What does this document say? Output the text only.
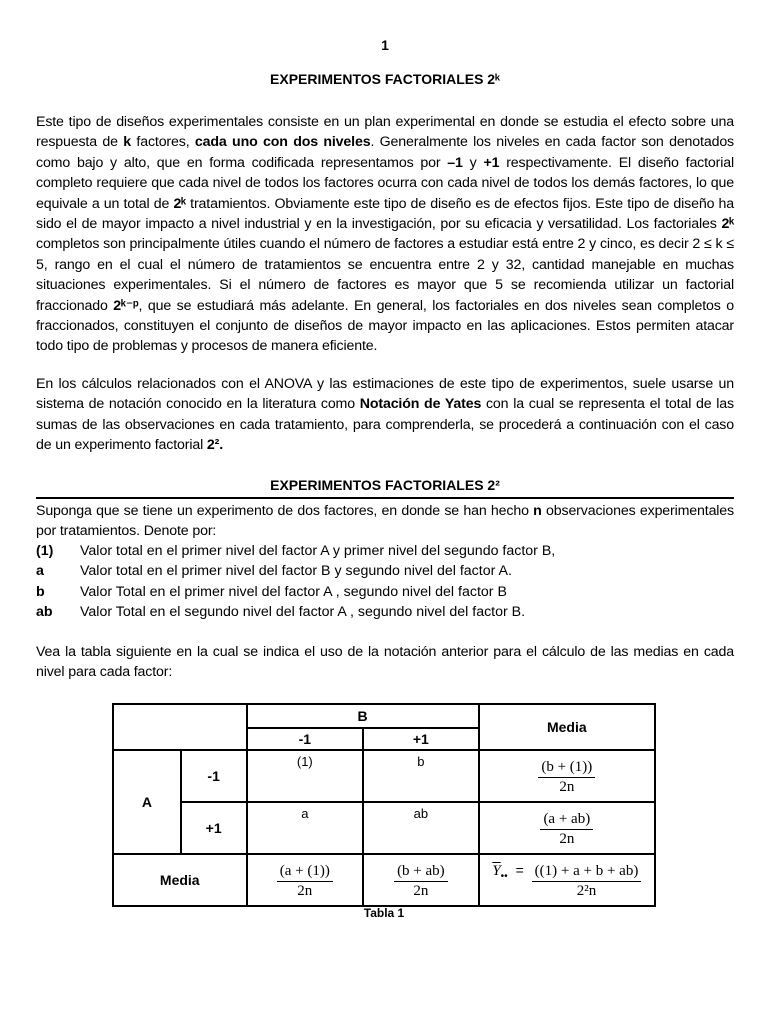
1
EXPERIMENTOS FACTORIALES 2ᵏ

Este tipo de diseños experimentales consiste en un plan experimental en donde se estudia el efecto sobre una respuesta de k factores, cada uno con dos niveles. Generalmente los niveles en cada factor son denotados como bajo y alto, que en forma codificada representamos por –1 y +1 respectivamente. El diseño factorial completo requiere que cada nivel de todos los factores ocurra con cada nivel de todos los demás factores, lo que equivale a un total de 2ᵏ tratamientos. Obviamente este tipo de diseño es de efectos fijos. Este tipo de diseño ha sido el de mayor impacto a nivel industrial y en la investigación, por su eficacia y versatilidad. Los factoriales 2ᵏ completos son principalmente útiles cuando el número de factores a estudiar está entre 2 y cinco, es decir 2 ≤ k ≤ 5, rango en el cual el número de tratamientos se encuentra entre 2 y 32, cantidad manejable en muchas situaciones experimentales. Si el número de factores es mayor que 5 se recomienda utilizar un factorial fraccionado 2ᵏ⁻ᵖ, que se estudiará más adelante. En general, los factoriales en dos niveles sean completos o fraccionados, constituyen el conjunto de diseños de mayor impacto en las aplicaciones. Estos permiten atacar todo tipo de problemas y procesos de manera eficiente.

En los cálculos relacionados con el ANOVA y las estimaciones de este tipo de experimentos, suele usarse un sistema de notación conocido en la literatura como Notación de Yates con la cual se representa el total de las sumas de las observaciones en cada tratamiento, para comprenderla, se procederá a continuación con el caso de un experimento factorial 2².

EXPERIMENTOS FACTORIALES 2²

Suponga que se tiene un experimento de dos factores, en donde se han hecho n observaciones experimentales por tratamientos. Denote por:

(1)	Valor total en el primer nivel del factor A y primer nivel del segundo factor B,
a	Valor total en el primer nivel del factor B y segundo nivel del factor A.
b	Valor Total en el primer nivel del factor A , segundo nivel del factor B
ab	Valor Total en el segundo nivel del factor A , segundo nivel del factor B.

Vea la tabla siguiente en la cual se indica el uso de la notación anterior para el cálculo de las medias en cada nivel para cada factor:

		B		Media
		-1	+1	
A	-1	(1)	b	$\frac{(b + (1))}{2n}$

	+1	a	ab	$\frac{(a + ab)}{2n}$

Media		$\frac{(a + (1))}{2n}$	$\frac{(b + ab)}{2n}$	$\overline{Y}_{••} = \frac{((1) + a + b + ab)}{\text{2²n}}$
Tabla 1
